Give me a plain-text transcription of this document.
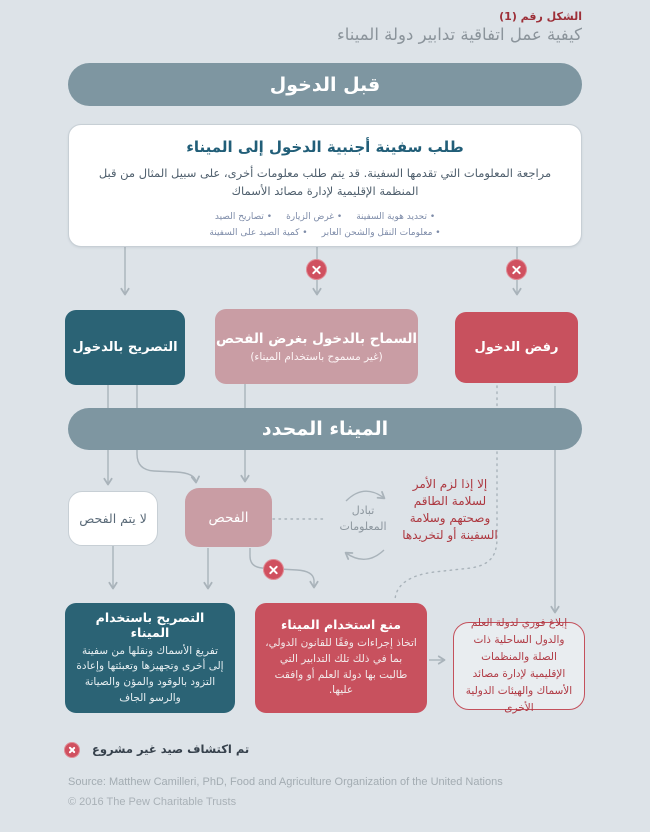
الشكل رقم (1)
كيفية عمل اتفاقية تدابير دولة الميناء
قبل الدخول
طلب سفينة أجنبية الدخول إلى الميناء
مراجعة المعلومات التي تقدمها السفينة. قد يتم طلب معلومات أخرى، على سبيل المثال من قبل المنظمة الإقليمية لإدارة مصائد الأسماك
• تحديد هوية السفينة• غرض الزيارة• تصاريح الصيد
• معلومات النقل والشحن العابر• كمية الصيد على السفينة
التصريح بالدخول
السماح بالدخول بغرض الفحص
(غير مسموح باستخدام الميناء)
رفض الدخول
الميناء المحدد
لا يتم الفحص	الفحص	تبادل المعلومات
إلا إذا لزم الأمر
لسلامة الطاقم
وصحتهم وسلامة
السفينة أو لتخريدها
التصريح باستخدام الميناء
تفريغ الأسماك ونقلها من سفينة إلى أخرى وتجهيزها وتعبئتها وإعادة التزود بالوقود والمؤن والصيانة والرسو الجاف
منع استخدام الميناء
اتخاذ إجراءات وفقًا للقانون الدولي، بما في ذلك تلك التدابير التي طالبت بها دولة العلم أو وافقت عليها.
إبلاغ فوري لدولة العلم والدول الساحلية ذات الصلة والمنظمات الإقليمية لإدارة مصائد الأسماك والهيئات الدولية الأخرى
تم اكتشاف صيد غير مشروع
Source: Matthew Camilleri, PhD, Food and Agriculture Organization of the United Nations
© 2016 The Pew Charitable Trusts
